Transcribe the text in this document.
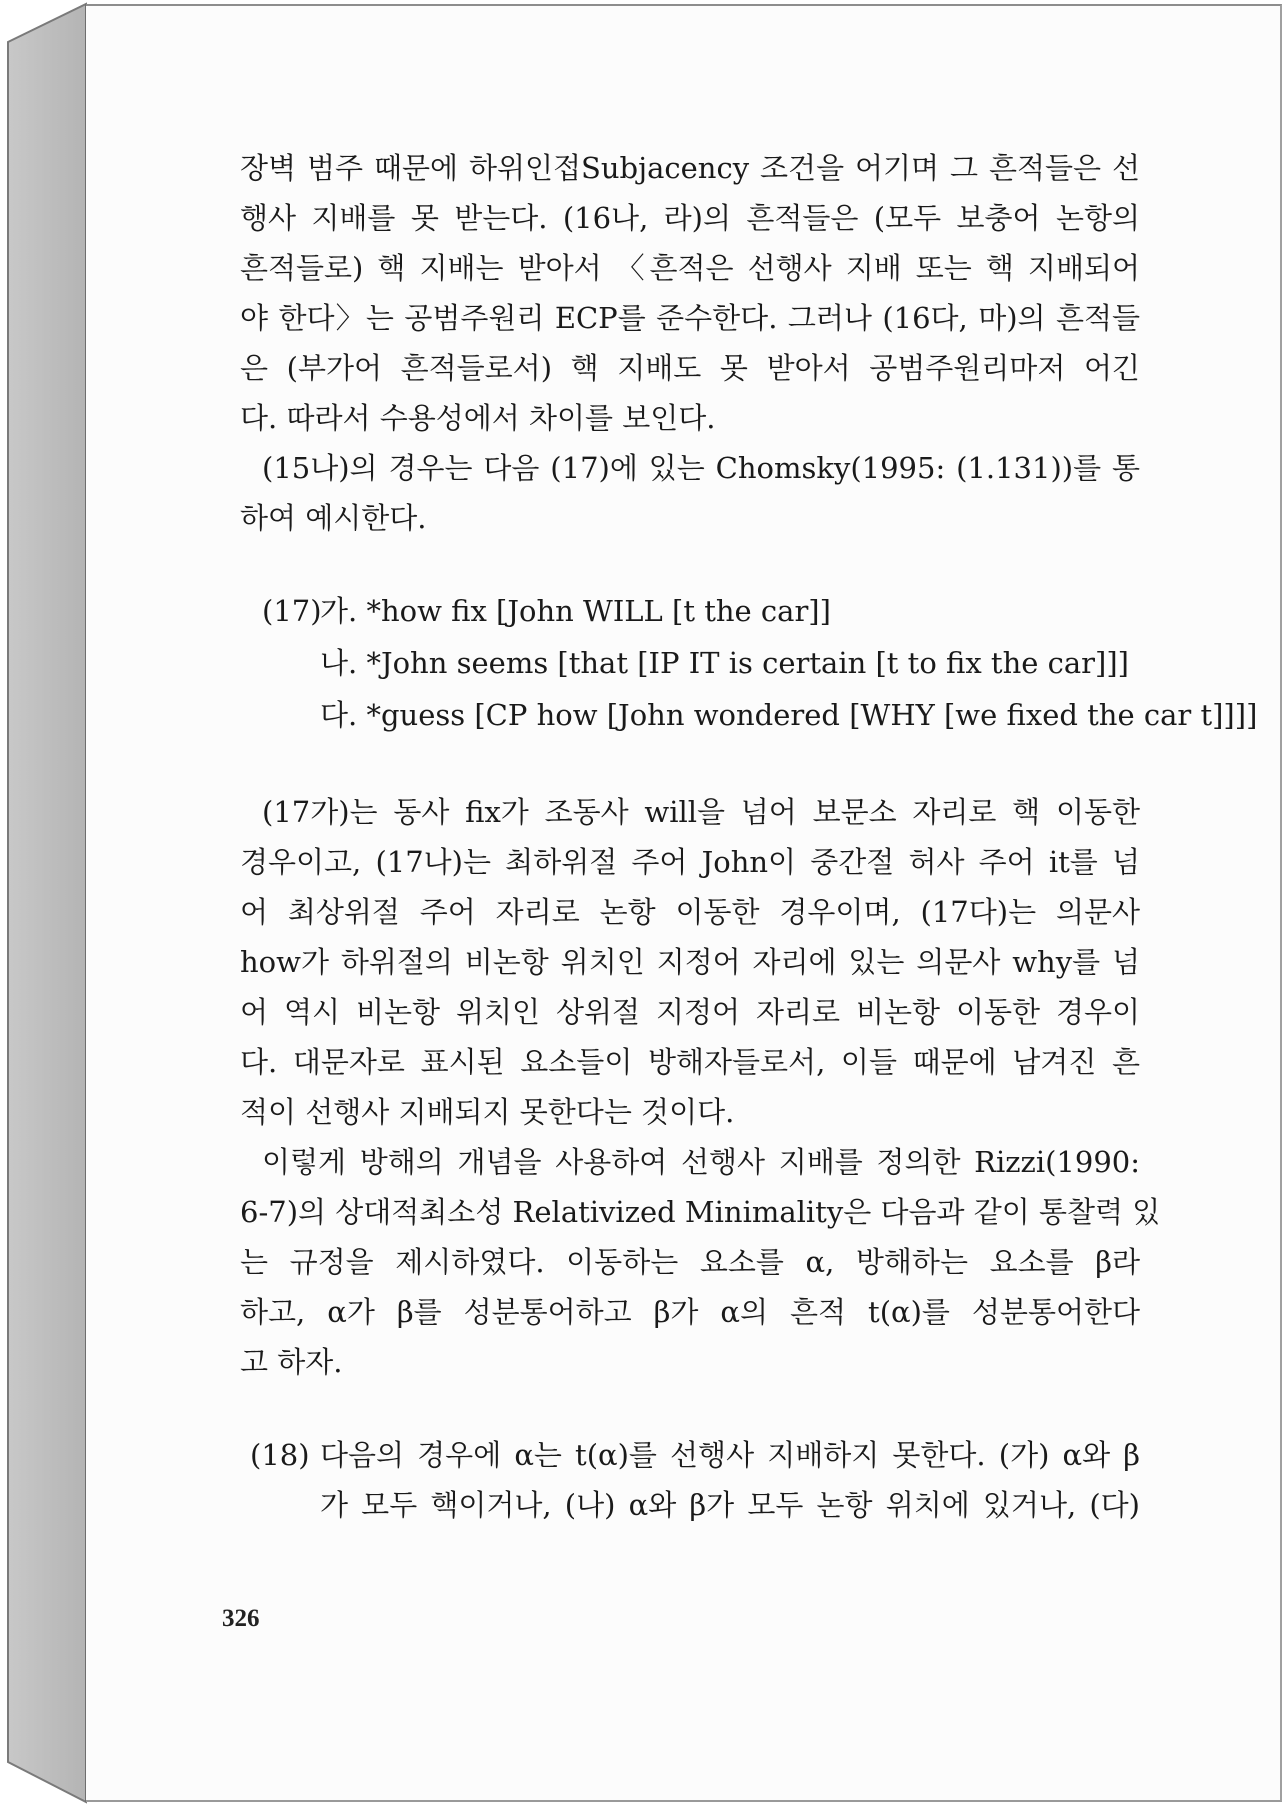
장벽 범주 때문에 하위인접Subjacency 조건을 어기며 그 흔적들은 선
행사 지배를 못 받는다. (16나, 라)의 흔적들은 (모두 보충어 논항의
흔적들로) 핵 지배는 받아서 〈흔적은 선행사 지배 또는 핵 지배되어
야 한다〉는 공범주원리 ECP를 준수한다. 그러나 (16다, 마)의 흔적들
은 (부가어 흔적들로서) 핵 지배도 못 받아서 공범주원리마저 어긴
다. 따라서 수용성에서 차이를 보인다.
(15나)의 경우는 다음 (17)에 있는 Chomsky(1995: (1.131))를 통
하여 예시한다.
(17)
가. *how fix [John WILL [t the car]]
나. *John seems [that [IP IT is certain [t to fix the car]]]
다. *guess [CP how [John wondered [WHY [we fixed the car t]]]]
(17가)는 동사 fix가 조동사 will을 넘어 보문소 자리로 핵 이동한
경우이고, (17나)는 최하위절 주어 John이 중간절 허사 주어 it를 넘
어 최상위절 주어 자리로 논항 이동한 경우이며, (17다)는 의문사
how가 하위절의 비논항 위치인 지정어 자리에 있는 의문사 why를 넘
어 역시 비논항 위치인 상위절 지정어 자리로 비논항 이동한 경우이
다. 대문자로 표시된 요소들이 방해자들로서, 이들 때문에 남겨진 흔
적이 선행사 지배되지 못한다는 것이다.
이렇게 방해의 개념을 사용하여 선행사 지배를 정의한 Rizzi(1990:
6-7)의 상대적최소성 Relativized Minimality은 다음과 같이 통찰력 있
는 규정을 제시하였다. 이동하는 요소를 α, 방해하는 요소를 β라
하고, α가 β를 성분통어하고 β가 α의 흔적 t(α)를 성분통어한다
고 하자.
(18) 다음의 경우에 α는 t(α)를 선행사 지배하지 못한다. (가) α와 β
가 모두 핵이거나, (나) α와 β가 모두 논항 위치에 있거나, (다)
326
